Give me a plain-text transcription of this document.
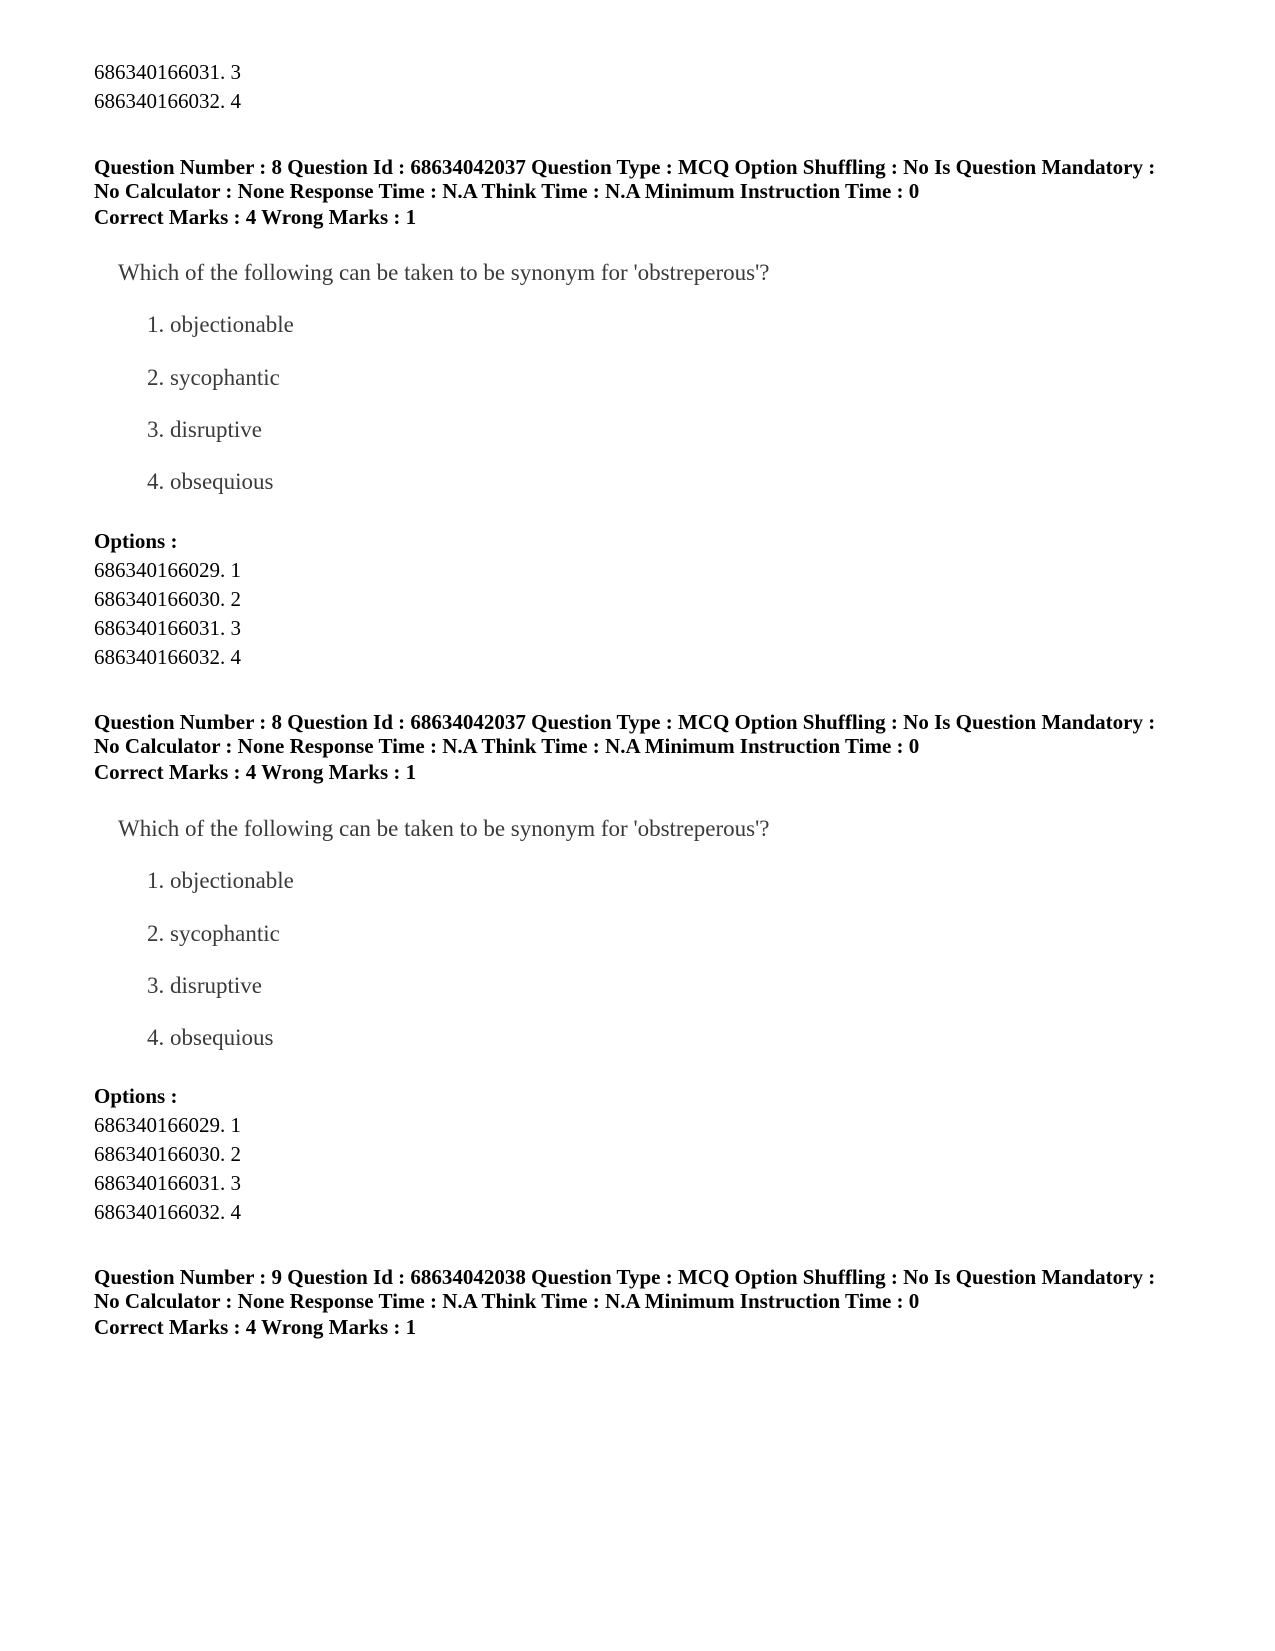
686340166031. 3
686340166032. 4
Question Number : 8 Question Id : 68634042037 Question Type : MCQ Option Shuffling : No Is Question Mandatory :
No Calculator : None Response Time : N.A Think Time : N.A Minimum Instruction Time : 0
Correct Marks : 4 Wrong Marks : 1
Which of the following can be taken to be synonym for 'obstreperous'?
1. objectionable
2. sycophantic
3. disruptive
4. obsequious
Options :
686340166029. 1
686340166030. 2
686340166031. 3
686340166032. 4
Question Number : 8 Question Id : 68634042037 Question Type : MCQ Option Shuffling : No Is Question Mandatory :
No Calculator : None Response Time : N.A Think Time : N.A Minimum Instruction Time : 0
Correct Marks : 4 Wrong Marks : 1
Which of the following can be taken to be synonym for 'obstreperous'?
1. objectionable
2. sycophantic
3. disruptive
4. obsequious
Options :
686340166029. 1
686340166030. 2
686340166031. 3
686340166032. 4
Question Number : 9 Question Id : 68634042038 Question Type : MCQ Option Shuffling : No Is Question Mandatory :
No Calculator : None Response Time : N.A Think Time : N.A Minimum Instruction Time : 0
Correct Marks : 4 Wrong Marks : 1
